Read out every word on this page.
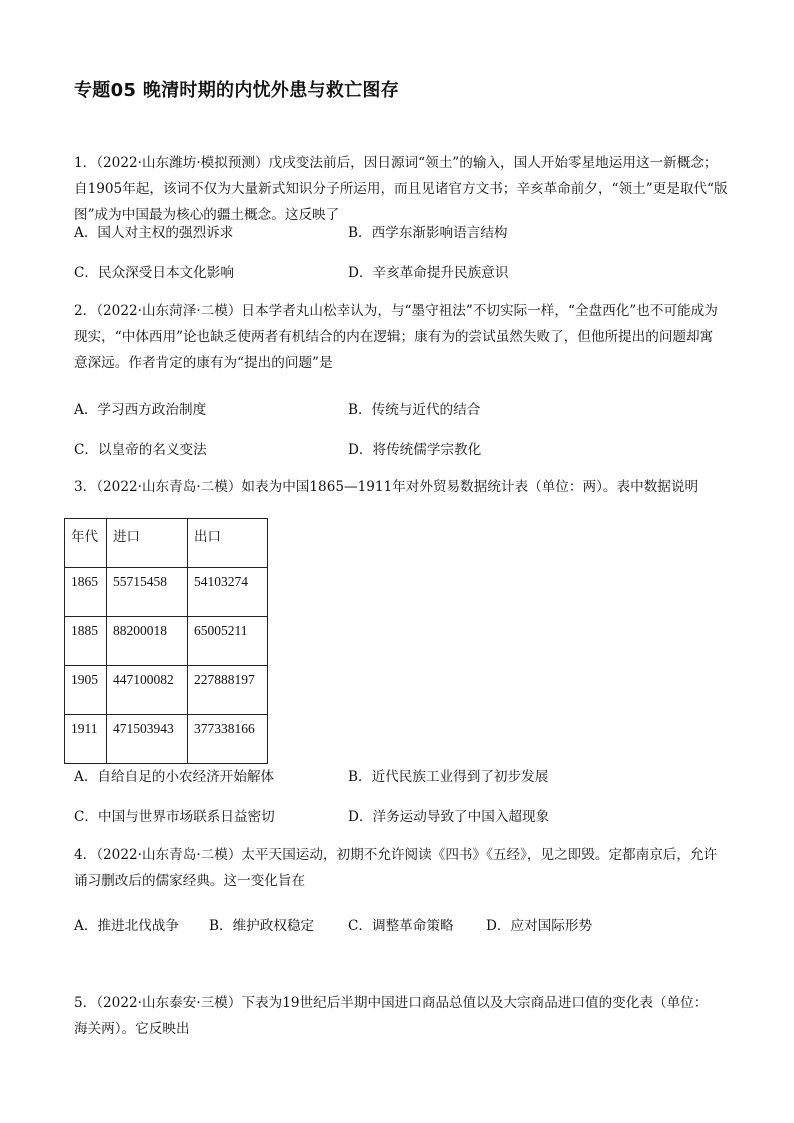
专题05 晚清时期的内忧外患与救亡图存
1．（2022·山东潍坊·模拟预测）戊戌变法前后，因日源词“领土”的输入，国人开始零星地运用这一新概念；
自1905年起，该词不仅为大量新式知识分子所运用，而且见诸官方文书；辛亥革命前夕，“领土”更是取代“版
图”成为中国最为核心的疆土概念。这反映了
A．国人对主权的强烈诉求	B．西学东渐影响语言结构
C．民众深受日本文化影响	D．辛亥革命提升民族意识
2．（2022·山东菏泽·二模）日本学者丸山松幸认为，与“墨守祖法”不切实际一样，“全盘西化”也不可能成为
现实，“中体西用”论也缺乏使两者有机结合的内在逻辑；康有为的尝试虽然失败了，但他所提出的问题却寓
意深远。作者肯定的康有为“提出的问题”是
A．学习西方政治制度	B．传统与近代的结合
C．以皇帝的名义变法	D．将传统儒学宗教化
3．（2022·山东青岛·二模）如表为中国1865—1911年对外贸易数据统计表（单位：两）。表中数据说明
年代	进口	出口
1865	55715458	54103274
1885	88200018	65005211
1905	447100082	227888197
1911	471503943	377338166
A．自给自足的小农经济开始解体	B．近代民族工业得到了初步发展
C．中国与世界市场联系日益密切	D．洋务运动导致了中国入超现象
4．（2022·山东青岛·二模）太平天国运动，初期不允许阅读《四书》《五经》，见之即毁。定都南京后，允许
诵习删改后的儒家经典。这一变化旨在
A．推进北伐战争 B．维护政权稳定 C．调整革命策略 D．应对国际形势
5．（2022·山东泰安·三模）下表为19世纪后半期中国进口商品总值以及大宗商品进口值的变化表（单位：
海关两）。它反映出
